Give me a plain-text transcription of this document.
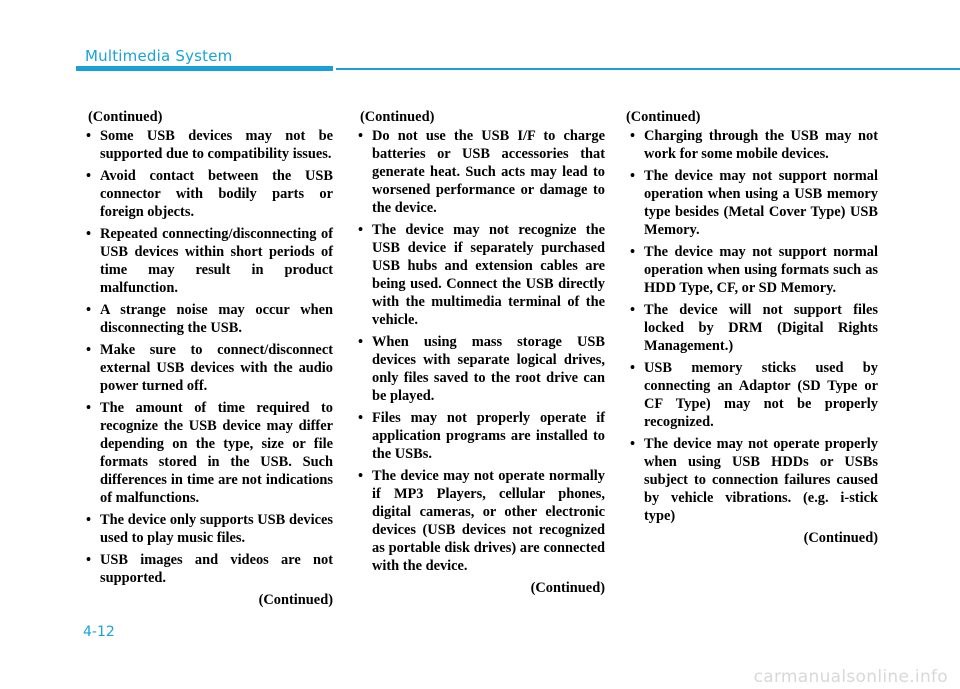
Multimedia System
(Continued)
• Some USB devices may not be supported due to compatibility issues.
• Avoid contact between the USB connector with bodily parts or foreign objects.
• Repeated connecting/disconnecting of USB devices within short periods of time may result in product malfunction.
• A strange noise may occur when disconnecting the USB.
• Make sure to connect/disconnect external USB devices with the audio power turned off.
• The amount of time required to recognize the USB device may differ depending on the type, size or file formats stored in the USB. Such differences in time are not indications of malfunctions.
• The device only supports USB devices used to play music files.
• USB images and videos are not supported.
(Continued)
(Continued)
• Do not use the USB I/F to charge batteries or USB accessories that generate heat. Such acts may lead to worsened performance or damage to the device.
• The device may not recognize the USB device if separately purchased USB hubs and extension cables are being used. Connect the USB directly with the multimedia terminal of the vehicle.
• When using mass storage USB devices with separate logical drives, only files saved to the root drive can be played.
• Files may not properly operate if application programs are installed to the USBs.
• The device may not operate normally if MP3 Players, cellular phones, digital cameras, or other electronic devices (USB devices not recognized as portable disk drives) are connected with the device.
(Continued)
(Continued)
• Charging through the USB may not work for some mobile devices.
• The device may not support normal operation when using a USB memory type besides (Metal Cover Type) USB Memory.
• The device may not support normal operation when using formats such as HDD Type, CF, or SD Memory.
• The device will not support files locked by DRM (Digital Rights Management.)
• USB memory sticks used by connecting an Adaptor (SD Type or CF Type) may not be properly recognized.
• The device may not operate properly when using USB HDDs or USBs subject to connection failures caused by vehicle vibrations. (e.g. i-stick type)
(Continued)
4-12
carmanualsonline.info
